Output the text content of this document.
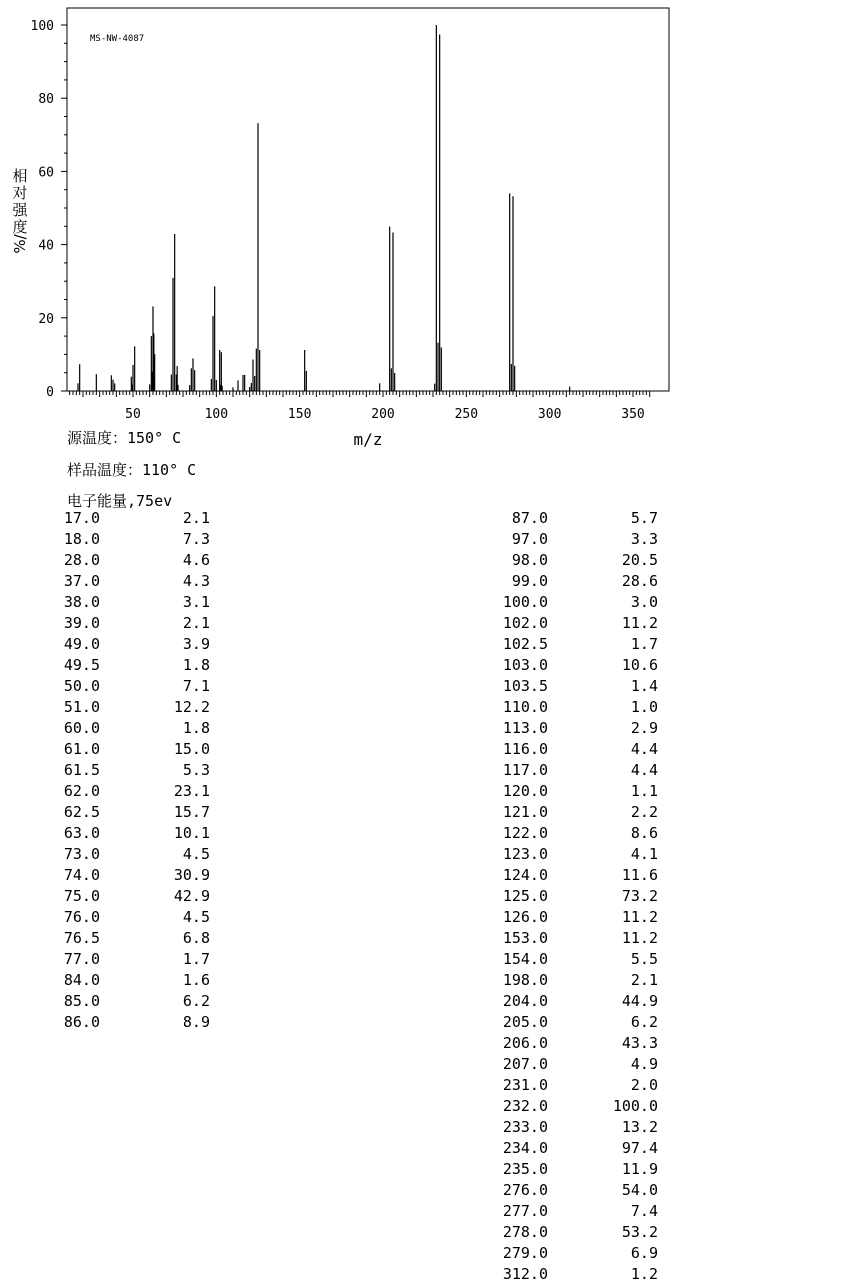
50	100	150	200	250	300	350
0
20
40
60
80
100
MS-NW-4087
相
对
强
度
%/
m/z
源温度：150° C
样品温度：110° C
电子能量,75ev
17.0	2.1
18.0	7.3
28.0	4.6
37.0	4.3
38.0	3.1
39.0	2.1
49.0	3.9
49.5	1.8
50.0	7.1
51.0	12.2
60.0	1.8
61.0	15.0
61.5	5.3
62.0	23.1
62.5	15.7
63.0	10.1
73.0	4.5
74.0	30.9
75.0	42.9
76.0	4.5
76.5	6.8
77.0	1.7
84.0	1.6
85.0	6.2
86.0	8.9
87.0	5.7
97.0	3.3
98.0	20.5
99.0	28.6
100.0	3.0
102.0	11.2
102.5	1.7
103.0	10.6
103.5	1.4
110.0	1.0
113.0	2.9
116.0	4.4
117.0	4.4
120.0	1.1
121.0	2.2
122.0	8.6
123.0	4.1
124.0	11.6
125.0	73.2
126.0	11.2
153.0	11.2
154.0	5.5
198.0	2.1
204.0	44.9
205.0	6.2
206.0	43.3
207.0	4.9
231.0	2.0
232.0	100.0
233.0	13.2
234.0	97.4
235.0	11.9
276.0	54.0
277.0	7.4
278.0	53.2
279.0	6.9
312.0	1.2
